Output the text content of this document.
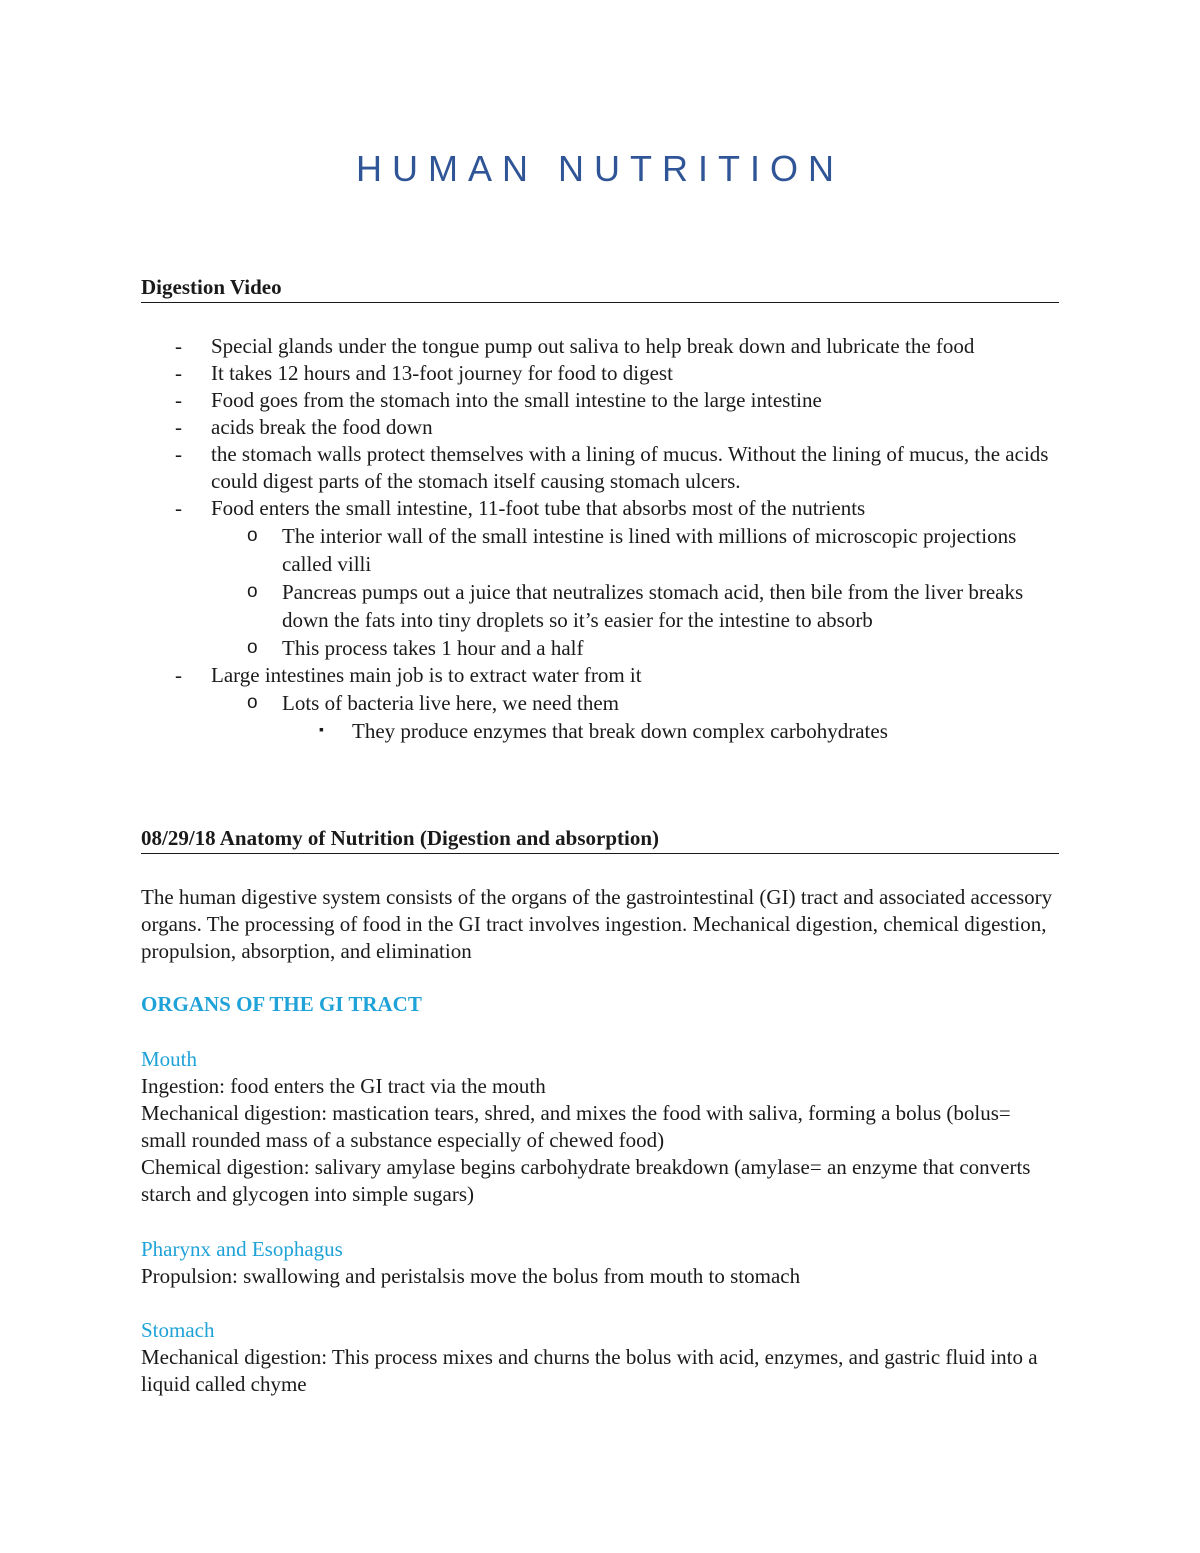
HUMAN NUTRITION
Digestion Video
- Special glands under the tongue pump out saliva to help break down and lubricate the food
- It takes 12 hours and 13-foot journey for food to digest
- Food goes from the stomach into the small intestine to the large intestine
- acids break the food down
- the stomach walls protect themselves with a lining of mucus. Without the lining of mucus, the acids could digest parts of the stomach itself causing stomach ulcers.
- Food enters the small intestine, 11-foot tube that absorbs most of the nutrients
o The interior wall of the small intestine is lined with millions of microscopic projections called villi
o Pancreas pumps out a juice that neutralizes stomach acid, then bile from the liver breaks down the fats into tiny droplets so it’s easier for the intestine to absorb
o This process takes 1 hour and a half
- Large intestines main job is to extract water from it
o Lots of bacteria live here, we need them
▪ They produce enzymes that break down complex carbohydrates
08/29/18 Anatomy of Nutrition (Digestion and absorption)

The human digestive system consists of the organs of the gastrointestinal (GI) tract and associated accessory organs. The processing of food in the GI tract involves ingestion. Mechanical digestion, chemical digestion, propulsion, absorption, and elimination

ORGANS OF THE GI TRACT
Mouth

Ingestion: food enters the GI tract via the mouth

Mechanical digestion: mastication tears, shred, and mixes the food with saliva, forming a bolus (bolus= small rounded mass of a substance especially of chewed food)

Chemical digestion: salivary amylase begins carbohydrate breakdown (amylase= an enzyme that converts starch and glycogen into simple sugars)

Pharynx and Esophagus

Propulsion: swallowing and peristalsis move the bolus from mouth to stomach

Stomach

Mechanical digestion: This process mixes and churns the bolus with acid, enzymes, and gastric fluid into a liquid called chyme
